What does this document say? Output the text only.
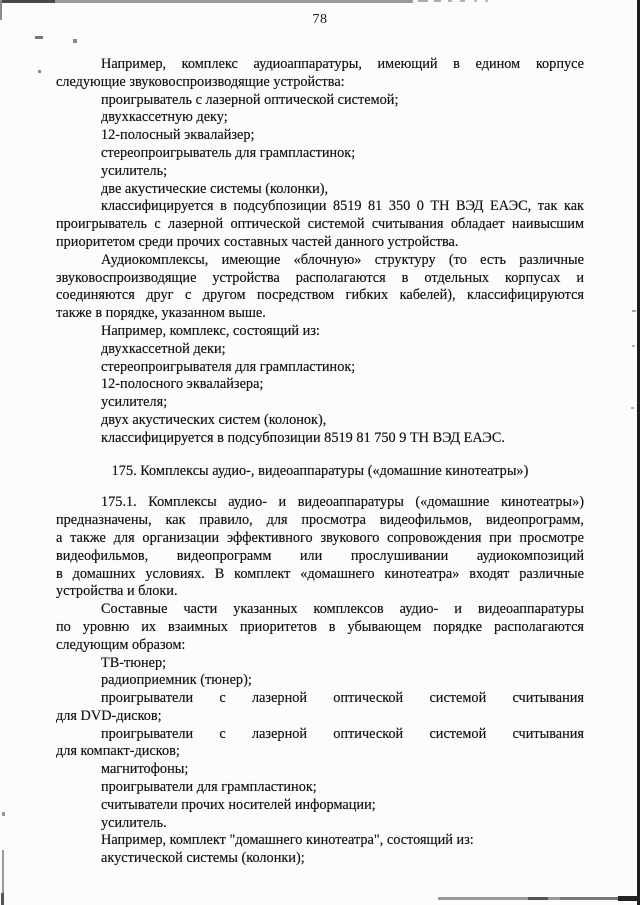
78
Например, комплекс аудиоаппаратуры, имеющий в едином корпусе
следующие звуковоспроизводящие устройства:
проигрыватель с лазерной оптической системой;
двухкассетную деку;
12-полосный эквалайзер;
стереопроигрыватель для грампластинок;
усилитель;
две акустические системы (колонки),
классифицируется в подсубпозиции 8519 81 350 0 ТН ВЭД ЕАЭС, так как
проигрыватель с лазерной оптической системой считывания обладает наивысшим
приоритетом среди прочих составных частей данного устройства.
Аудиокомплексы, имеющие «блочную» структуру (то есть различные
звуковоспроизводящие устройства располагаются в отдельных корпусах и
соединяются друг с другом посредством гибких кабелей), классифицируются
также в порядке, указанном выше.
Например, комплекс, состоящий из:
двухкассетной деки;
стереопроигрывателя для грампластинок;
12-полосного эквалайзера;
усилителя;
двух акустических систем (колонок),
классифицируется в подсубпозиции 8519 81 750 9 ТН ВЭД ЕАЭС.
175. Комплексы аудио-, видеоаппаратуры («домашние кинотеатры»)
175.1. Комплексы аудио- и видеоаппаратуры («домашние кинотеатры»)
предназначены, как правило, для просмотра видеофильмов, видеопрограмм,
а также для организации эффективного звукового сопровождения при просмотре
видеофильмов, видеопрограмм или прослушивании аудиокомпозиций
в домашних условиях. В комплект «домашнего кинотеатра» входят различные
устройства и блоки.
Составные части указанных комплексов аудио- и видеоаппаратуры
по уровню их взаимных приоритетов в убывающем порядке располагаются
следующим образом:
ТВ-тюнер;
радиоприемник (тюнер);
проигрыватели с лазерной оптической системой считывания
для DVD-дисков;
проигрыватели с лазерной оптической системой считывания
для компакт-дисков;
магнитофоны;
проигрыватели для грампластинок;
считыватели прочих носителей информации;
усилитель.
Например, комплект "домашнего кинотеатра", состоящий из:
акустической системы (колонки);
